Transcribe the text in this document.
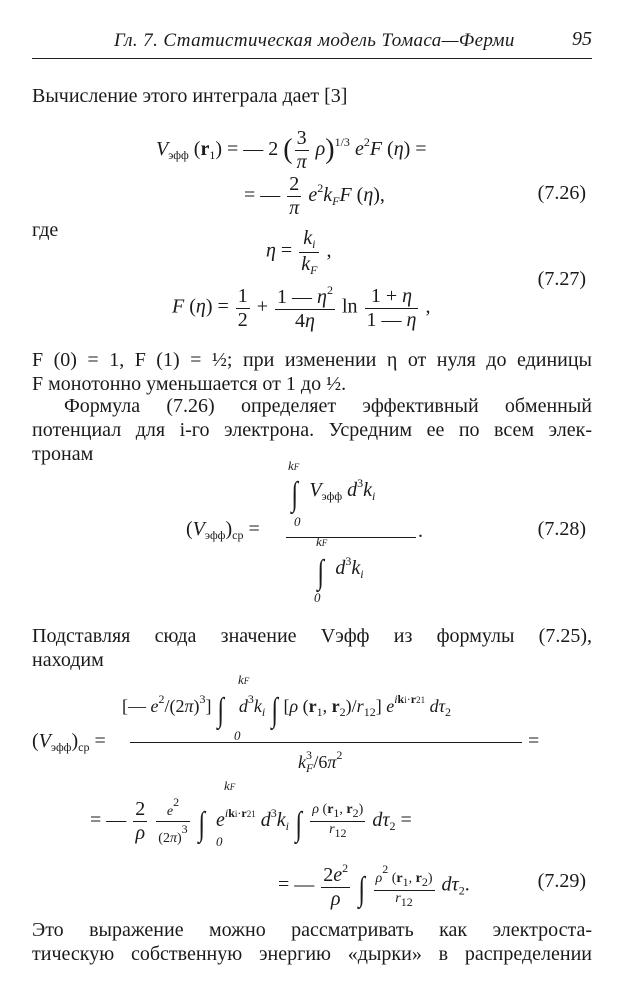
Гл. 7. Статистическая модель Томаса—Ферми	95
Вычисление этого интеграла дает [3]
$V_{эфф}$ $(r_1)$ = — 2 ( $\frac{3}{\pi} \rho)^{1/3}$ $e^2F$ (η) =
= — $\frac{2}{\pi} e^2k_FF$ (η),	(7.26)
где
$\eta = \frac{k_i}{k_F}$ ,
F $(\eta) = \frac{1}{2} + \frac{1 — \eta^2}{4\eta}$ $\ln \frac{1 + \eta}{1 — \eta}$ ,
(7.27)
F (0) = 1, F (1) = ½; при изменении η от нуля до единицы
F монотонно уменьшается от 1 до ½.
Формула (7.26) определяет эффективный обменный
потенциал для i-го электрона. Усредним ее по всем элек-
тронам
$(V_{эфф})_{ср}$ =
kF
∫ $V_{эфф}$ $d^3k_i$
0	.
kF
∫ $d^3k_i$
0
(7.28)
Подставляя сюда значение Vэфф из формулы (7.25),
находим
kF
[— $e^2/(2\pi)^3$] ∫ $d^3k_i$ ∫ [ρ ($r_1$, $r_2)/r_{12}$] $e^{iki\cdot r21}$ $d\tau_2$
0
$(V_{эфф})_{ср}$ =	=
$k^3_F/6\pi^2$
kF
= — $\frac{2}{\rho}$
$\frac{e2}{(2\pi)3}$ ∫ $e^{iki\cdot r21}$ $d^3k_i$ ∫ $\frac{\rho (r1, r2)}{r12} d\tau_2$ =
0
= — $\frac{2e^2}{\rho}$ ∫ $\frac{\rho 2 (r1, r2)}{r12} d\tau_2$.	(7.29)
Это выражение можно рассматривать как электроста-
тическую собственную энергию «дырки» в распределении
